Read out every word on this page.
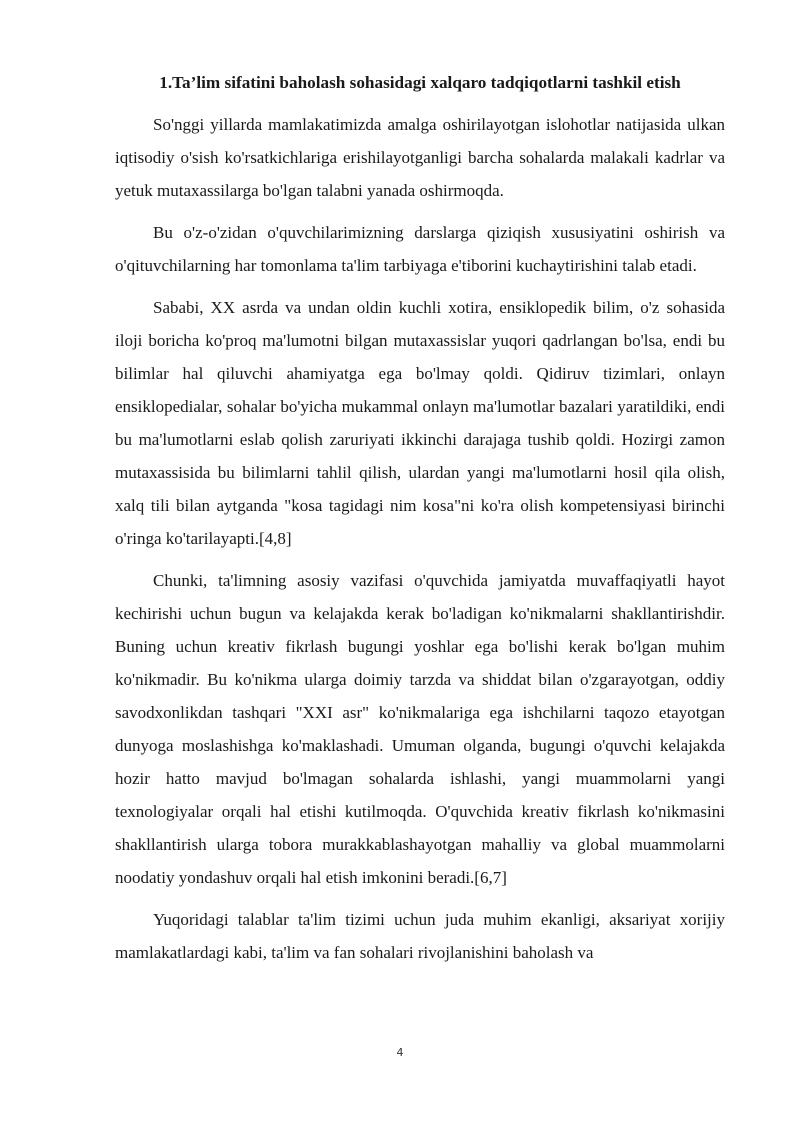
1.Ta’lim sifatini baholash sohasidagi xalqaro tadqiqotlarni tashkil etish

So'nggi yillarda mamlakatimizda amalga oshirilayotgan islohotlar natijasida ulkan iqtisodiy o'sish ko'rsatkichlariga erishilayotganligi barcha sohalarda malakali kadrlar va yetuk mutaxassilarga bo'lgan talabni yanada oshirmoqda.

Bu o'z-o'zidan o'quvchilarimizning darslarga qiziqish xususiyatini oshirish va o'qituvchilarning har tomonlama ta'lim tarbiyaga e'tiborini kuchaytirishini talab etadi.

Sababi, XX asrda va undan oldin kuchli xotira, ensiklopedik bilim, o'z sohasida iloji boricha ko'proq ma'lumotni bilgan mutaxassislar yuqori qadrlangan bo'lsa, endi bu bilimlar hal qiluvchi ahamiyatga ega bo'lmay qoldi. Qidiruv tizimlari, onlayn ensiklopedialar, sohalar bo'yicha mukammal onlayn ma'lumotlar bazalari yaratildiki, endi bu ma'lumotlarni eslab qolish zaruriyati ikkinchi darajaga tushib qoldi. Hozirgi zamon mutaxassisida bu bilimlarni tahlil qilish, ulardan yangi ma'lumotlarni hosil qila olish, xalq tili bilan aytganda "kosa tagidagi nim kosa"ni ko'ra olish kompetensiyasi birinchi o'ringa ko'tarilayapti.[4,8]

Chunki, ta'limning asosiy vazifasi o'quvchida jamiyatda muvaffaqiyatli hayot kechirishi uchun bugun va kelajakda kerak bo'ladigan ko'nikmalarni shakllantirishdir. Buning uchun kreativ fikrlash bugungi yoshlar ega bo'lishi kerak bo'lgan muhim ko'nikmadir. Bu ko'nikma ularga doimiy tarzda va shiddat bilan o'zgarayotgan, oddiy savodxonlikdan tashqari "XXI asr" ko'nikmalariga ega ishchilarni taqozo etayotgan dunyoga moslashishga ko'maklashadi. Umuman olganda, bugungi o'quvchi kelajakda hozir hatto mavjud bo'lmagan sohalarda ishlashi, yangi muammolarni yangi texnologiyalar orqali hal etishi kutilmoqda. O'quvchida kreativ fikrlash ko'nikmasini shakllantirish ularga tobora murakkablashayotgan mahalliy va global muammolarni noodatiy yondashuv orqali hal etish imkonini beradi.[6,7]

Yuqoridagi talablar ta'lim tizimi uchun juda muhim ekanligi, aksariyat xorijiy mamlakatlardagi kabi, ta'lim va fan sohalari rivojlanishini baholash va

4
